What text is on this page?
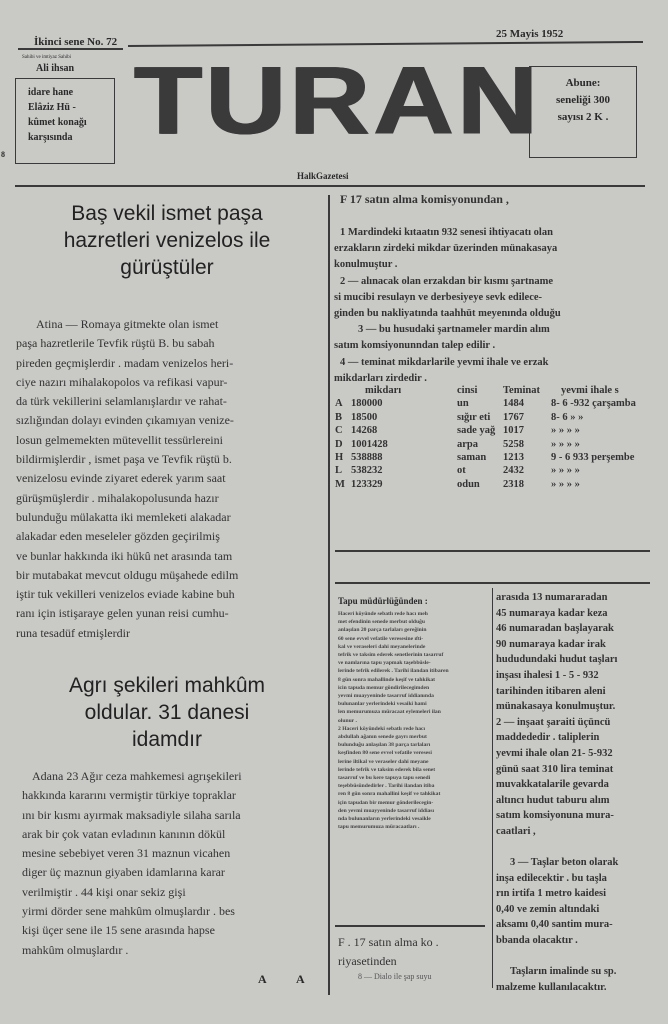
8
İkinci sene No. 72
25 Mayis 1952
Sahibi ve imtiyaz Sahibi
Ali ihsan
idare hane
Elâziz Hü -
kûmet konağı
karşısında TURAN	Abune:
seneliği 300
sayısı 2 K .
HalkGazetesi
Baş vekil ismet paşa
hazretleri venizelos ile
gürüştüler
Atina — Romaya gitmekte olan ismet
paşa hazretlerile Tevfik rüştü B. bu sabah
pireden geçmişlerdir . madam venizelos heri-
ciye nazırı mihalakopolos va refikasi vapur-
da türk vekillerini selamlanışlardır ve rahat-
sızlığından dolayı evinden çıkamıyan venize-
losun gelmemekten mütevellit tessürlereini
bildirmişlerdir , ismet paşa ve Tevfik rüştü b.
venizelosu evinde ziyaret ederek yarım saat
gürüşmüşlerdir . mihalakopolusunda hazır
bulunduğu mülakatta iki memleketi alakadar
alakadar eden meseleler gözden geçirilmiş
ve bunlar hakkında iki hükû net arasında tam
bir mutabakat mevcut oldugu müşahede edilm
iştir tuk vekilleri venizelos eviade kabine buh
ranı için istişaraye gelen yunan reisi cumhu-
runa tesadüf etmişlerdir
Agrı şekileri mahkûm
oldular. 31 danesi
idamdır
Adana 23 Ağır ceza mahkemesi agrışekileri
hakkında kararını vermiştir türkiye topraklar
ını bir kısmı ayırmak maksadiyle silaha sarıla
arak bir çok vatan evladının kanının dökül
mesine sebebiyet veren 31 maznun vicahen
diger üç maznun giyaben idamlarına karar
verilmiştir . 44 kişi onar sekiz gişi
yirmi dörder sene mahkûm olmuşlardır . bes
kişi üçer sene ile 15 sene arasında hapse
mahkûm olmuşlardır .
A A
F 17 satın alma komisyonundan ,
1 Mardindeki kıtaatın 932 senesi ihtiyacatı olan
erzakların zirdeki mikdar üzerinden münakasaya
konulmuştur .
2 — alınacak olan erzakdan bir kısmı şartname
si mucibi resulayn ve derbesiyeye sevk edilece-
ginden bu nakliyatında taahhüt meyenında olduğu
3 — bu husudaki şartnameler mardin alım
satım komsiyonunndan talep edilir .
4 — teminat mikdarlarile yevmi ihale ve erzak
mikdarları zirdedir .
	mikdarı	cinsi	Teminat	yevmi ihale s
A	180000	un	1484	8- 6 -932 çarşamba
B	18500	sığır eti	1767	8- 6 » »
C	14268	sade yağ	1017	» » » »
D	1001428	arpa	5258	» » » »
H	538888	saman	1213	9 - 6 933 perşembe
L	538232	ot	2432	» » » »
M	123329	odun	2318	» » » »
Tapu müdürlüğünden :
Haceri köyünde sebatlı rede hacı meh
met efendinin senede merbut olduğu
anlaşılan 20 parça tarlaları gereğinin
60 sene evvel vefatile veresesine ıfti-
kal ve veraseleri dahi meyanelerinde
tefrik ve taksim ederek senetlerinin tasarruf
ve namlarına tapu yapmak taşebbüsle-
lerinde tefrik edilerek . Tarihi ilandan itibaren
8 gün sonra mahallinde keşif ve tahkikat
icin tapuda memur göndirilecegimden
yevmi muayyeninde tasarruf iddianında
bulunanlar yerlerindeki vesaiki hami
len memurumuza müracaat eylemeleri ilan
olunur .
2 Haceri köyündeki sebatlı rede hacı
abdullah ağanın senede gayrı merbut
bulunduğu anlaşılan 38 parça tarlaları
keşfinden 80 sene evvel vefatile veresesi
lerine iltikal ve veraseler dahi meyane
lerinde tefrik ve taksim ederek bila senet
tasarruf ve bu kere tapuya tapu senedi
teşebbüsündedirler . Tarihi ilandan itiba
ren 8 gün sonra mahallini keşif ve tahkikat
için tapudan bir memur gönderilecegin-
den yevmi muayyeninde tasarruf iddiası
nda bulunanların yerlerindeki vesaikle
tapu memurumuza müracaatları .
arasıda 13 numararadan
45 numaraya kadar keza
46 numaradan başlayarak
90 numaraya kadar irak
hududundaki hudut taşları
inşası ihalesi 1 - 5 - 932
tarihinden itibaren aleni
münakasaya konulmuştur.
2 — inşaat şaraiti üçüncü
maddededir . taliplerin
yevmi ihale olan 21- 5-932
günü saat 310 lira teminat
muvakkatalarile gevarda
altıncı hudut taburu alım
satım komsiyonuna mura-
caatlari ,

3 — Taşlar beton olarak
inşa edilecektir . bu taşla
rın irtifa 1 metro kaidesi
0,40 ve zemin altındaki
aksamı 0,40 santim mura-
bbanda olacaktır .

Taşların imalinde su sp.
malzeme kullanılacaktır.
F . 17 satın alma ko .
riyasetinden
8 — Dialo ile şap suyu
